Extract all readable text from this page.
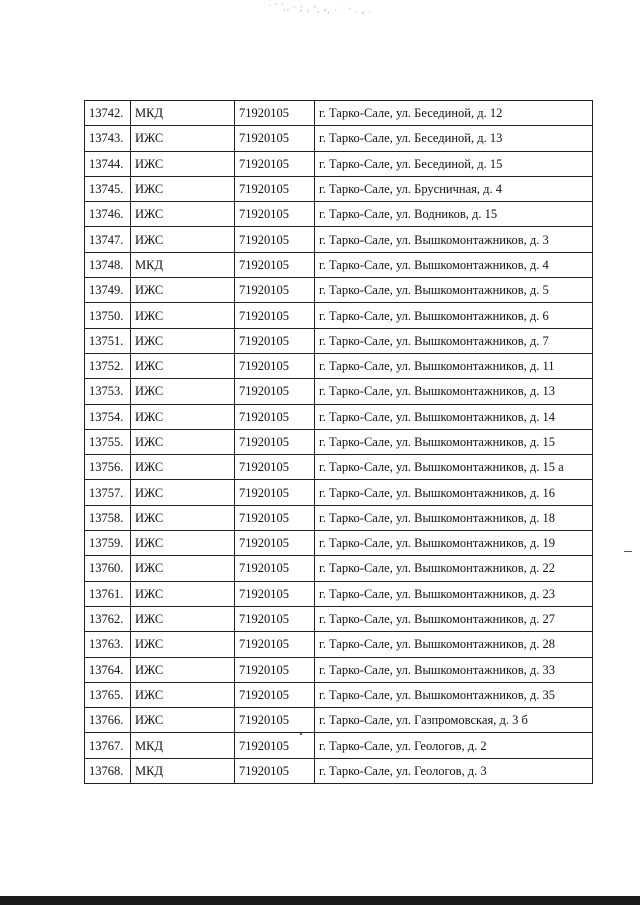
· ' ',, ∙ ; , ʼ, ⸗, ∙ ˙ ˚ ∙ ⸗ ∙
13742.	МКД	71920105	г. Тарко-Сале, ул. Бесединой, д. 12
13743.	ИЖС	71920105	г. Тарко-Сале, ул. Бесединой, д. 13
13744.	ИЖС	71920105	г. Тарко-Сале, ул. Бесединой, д. 15
13745.	ИЖС	71920105	г. Тарко-Сале, ул. Брусничная, д. 4
13746.	ИЖС	71920105	г. Тарко-Сале, ул. Водников, д. 15
13747.	ИЖС	71920105	г. Тарко-Сале, ул. Вышкомонтажников, д. 3
13748.	МКД	71920105	г. Тарко-Сале, ул. Вышкомонтажников, д. 4
13749.	ИЖС	71920105	г. Тарко-Сале, ул. Вышкомонтажников, д. 5
13750.	ИЖС	71920105	г. Тарко-Сале, ул. Вышкомонтажников, д. 6
13751.	ИЖС	71920105	г. Тарко-Сале, ул. Вышкомонтажников, д. 7
13752.	ИЖС	71920105	г. Тарко-Сале, ул. Вышкомонтажников, д. 11
13753.	ИЖС	71920105	г. Тарко-Сале, ул. Вышкомонтажников, д. 13
13754.	ИЖС	71920105	г. Тарко-Сале, ул. Вышкомонтажников, д. 14
13755.	ИЖС	71920105	г. Тарко-Сале, ул. Вышкомонтажников, д. 15
13756.	ИЖС	71920105	г. Тарко-Сале, ул. Вышкомонтажников, д. 15 а
13757.	ИЖС	71920105	г. Тарко-Сале, ул. Вышкомонтажников, д. 16
13758.	ИЖС	71920105	г. Тарко-Сале, ул. Вышкомонтажников, д. 18
13759.	ИЖС	71920105	г. Тарко-Сале, ул. Вышкомонтажников, д. 19
13760.	ИЖС	71920105	г. Тарко-Сале, ул. Вышкомонтажников, д. 22
13761.	ИЖС	71920105	г. Тарко-Сале, ул. Вышкомонтажников, д. 23
13762.	ИЖС	71920105	г. Тарко-Сале, ул. Вышкомонтажников, д. 27
13763.	ИЖС	71920105	г. Тарко-Сале, ул. Вышкомонтажников, д. 28
13764.	ИЖС	71920105	г. Тарко-Сале, ул. Вышкомонтажников, д. 33
13765.	ИЖС	71920105	г. Тарко-Сале, ул. Вышкомонтажников, д. 35
13766.	ИЖС	71920105	г. Тарко-Сале, ул. Газпромовская, д. 3 б
13767.	МКД	71920105	г. Тарко-Сале, ул. Геологов, д. 2
13768.	МКД	71920105	г. Тарко-Сале, ул. Геологов, д. 3
